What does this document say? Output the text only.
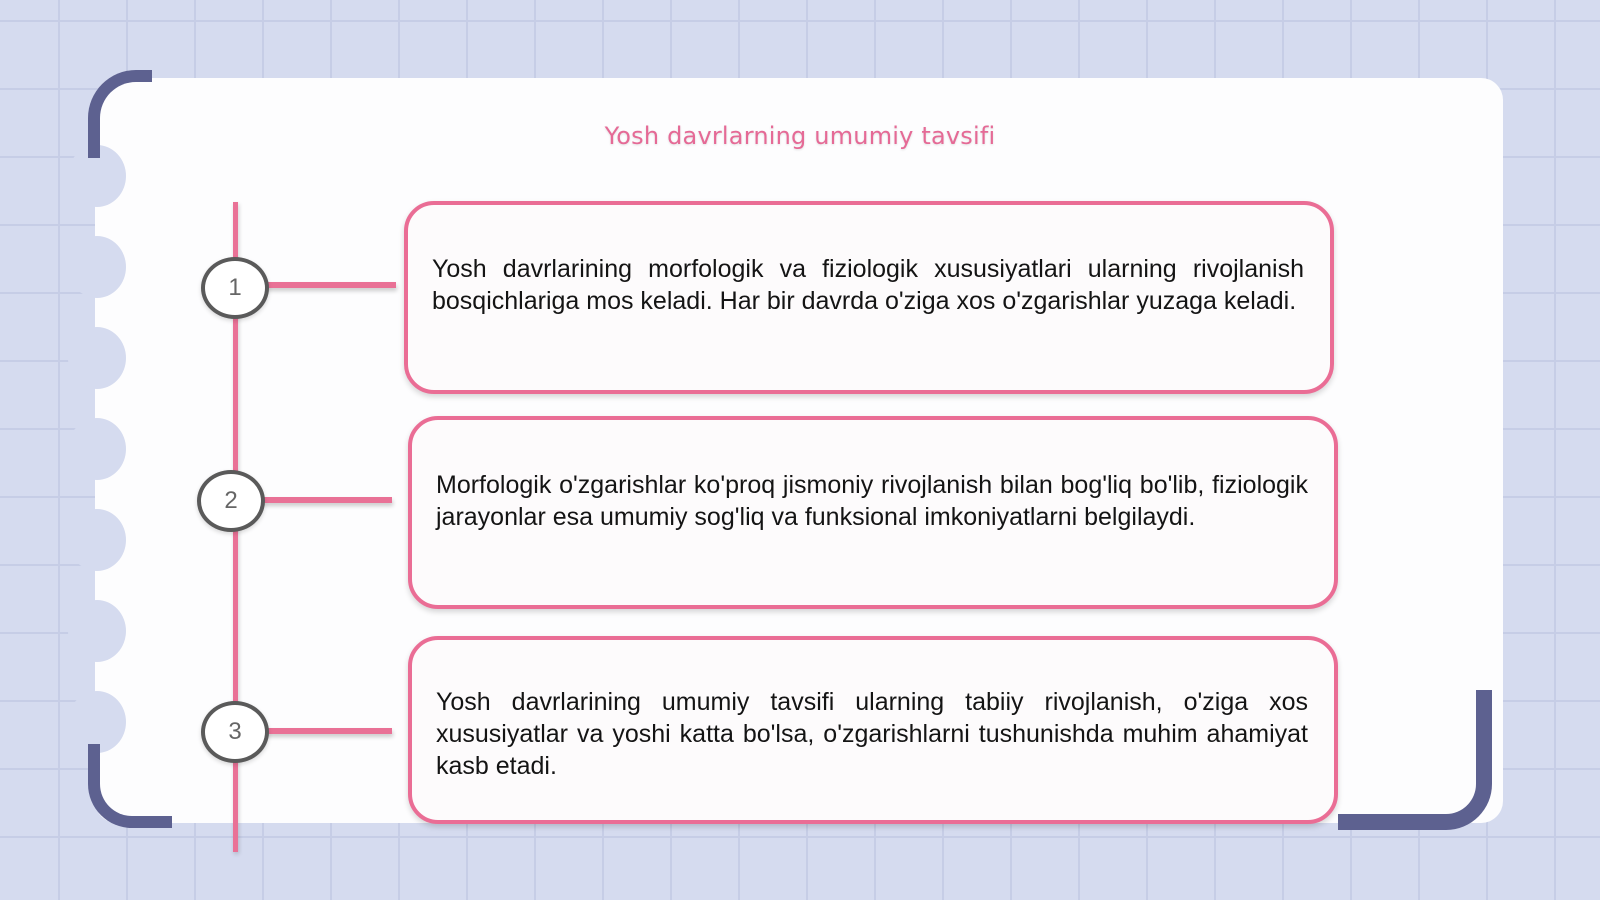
Yosh davrlarning umumiy tavsifi
1
2
3
Yosh davrlarining morfologik va fiziologik xususiyatlari ularning rivojlanish bosqichlariga mos keladi. Har bir davrda o'ziga xos o'zgarishlar yuzaga keladi.
Morfologik o'zgarishlar ko'proq jismoniy rivojlanish bilan bog'liq bo'lib, fiziologik jarayonlar esa umumiy sog'liq va funksional imkoniyatlarni belgilaydi.
Yosh davrlarining umumiy tavsifi ularning tabiiy rivojlanish, o'ziga xos xususiyatlar va yoshi katta bo'lsa, o'zgarishlarni tushunishda muhim ahamiyat kasb etadi.
